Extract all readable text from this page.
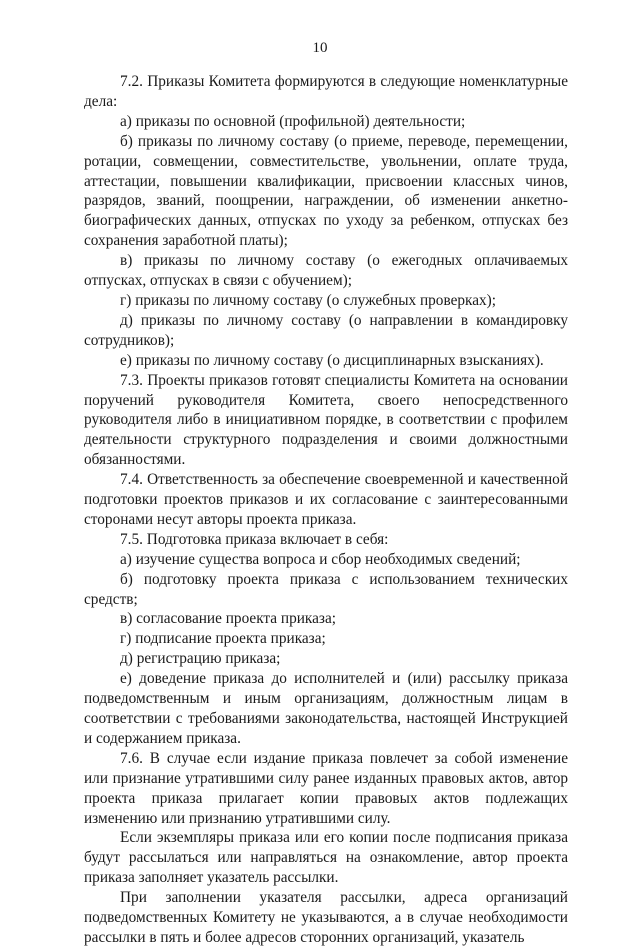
10

7.2. Приказы Комитета формируются в следующие номенклатурные дела:

а) приказы по основной (профильной) деятельности;

б) приказы по личному составу (о приеме, переводе, перемещении, ротации, совмещении, совместительстве, увольнении, оплате труда, аттестации, повышении квалификации, присвоении классных чинов, разрядов, званий, поощрении, награждении, об изменении анкетно-биографических данных, отпусках по уходу за ребенком, отпусках без сохранения заработной платы);

в) приказы по личному составу (о ежегодных оплачиваемых отпусках, отпусках в связи с обучением);

г) приказы по личному составу (о служебных проверках);

д) приказы по личному составу (о направлении в командировку сотрудников);

е) приказы по личному составу (о дисциплинарных взысканиях).

7.3. Проекты приказов готовят специалисты Комитета на основании поручений руководителя Комитета, своего непосредственного руководителя либо в инициативном порядке, в соответствии с профилем деятельности структурного подразделения и своими должностными обязанностями.

7.4. Ответственность за обеспечение своевременной и качественной подготовки проектов приказов и их согласование с заинтересованными сторонами несут авторы проекта приказа.

7.5. Подготовка приказа включает в себя:

а) изучение существа вопроса и сбор необходимых сведений;

б) подготовку проекта приказа с использованием технических средств;

в) согласование проекта приказа;

г) подписание проекта приказа;

д) регистрацию приказа;

е) доведение приказа до исполнителей и (или) рассылку приказа подведомственным и иным организациям, должностным лицам в соответствии с требованиями законодательства, настоящей Инструкцией и содержанием приказа.

7.6. В случае если издание приказа повлечет за собой изменение или признание утратившими силу ранее изданных правовых актов, автор проекта приказа прилагает копии правовых актов подлежащих изменению или признанию утратившими силу.

Если экземпляры приказа или его копии после подписания приказа будут рассылаться или направляться на ознакомление, автор проекта приказа заполняет указатель рассылки.

При заполнении указателя рассылки, адреса организаций подведомственных Комитету не указываются, а в случае необходимости рассылки в пять и более адресов сторонних организаций, указатель
